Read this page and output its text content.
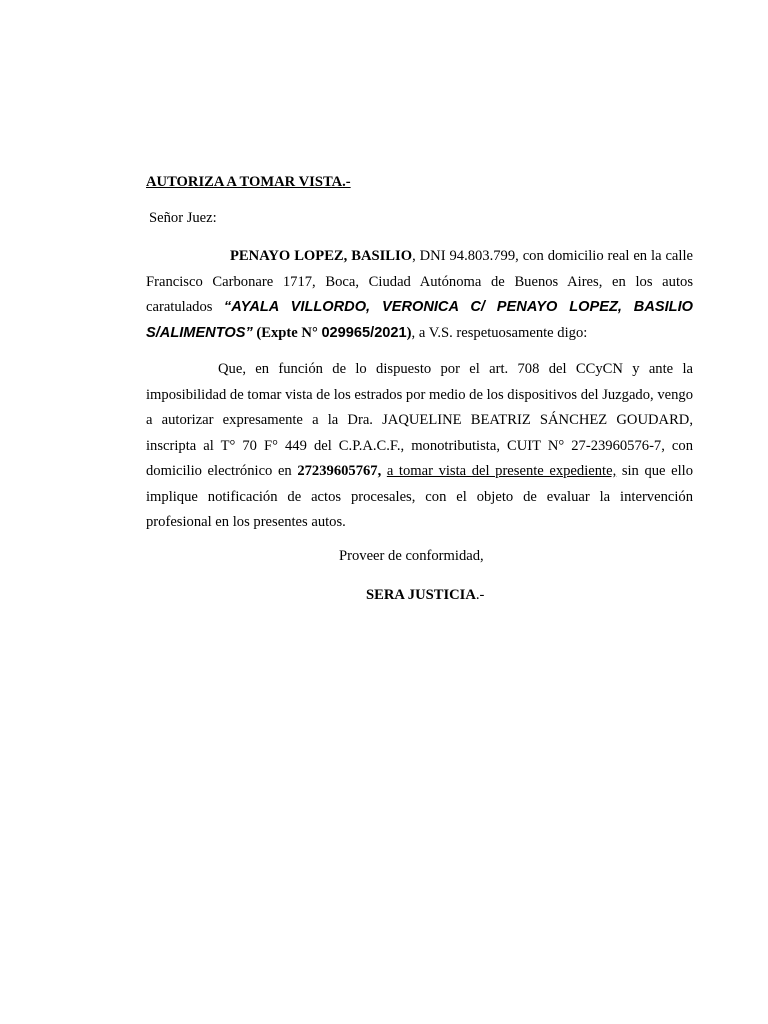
AUTORIZA A TOMAR VISTA.-
Señor Juez:
PENAYO LOPEZ, BASILIO, DNI 94.803.799, con domicilio real en la calle Francisco Carbonare 1717, Boca, Ciudad Autónoma de Buenos Aires, en los autos caratulados “AYALA VILLORDO, VERONICA C/ PENAYO LOPEZ, BASILIO S/ALIMENTOS” (Expte N° 029965/2021), a V.S. respetuosamente digo:
Que, en función de lo dispuesto por el art. 708 del CCyCN y ante la imposibilidad de tomar vista de los estrados por medio de los dispositivos del Juzgado, vengo a autorizar expresamente a la Dra. JAQUELINE BEATRIZ SÁNCHEZ GOUDARD, inscripta al T° 70 F° 449 del C.P.A.C.F., monotributista, CUIT N° 27-23960576-7, con domicilio electrónico en 27239605767, a tomar vista del presente expediente, sin que ello implique notificación de actos procesales, con el objeto de evaluar la intervención profesional en los presentes autos.
Proveer de conformidad,
SERA JUSTICIA.-
